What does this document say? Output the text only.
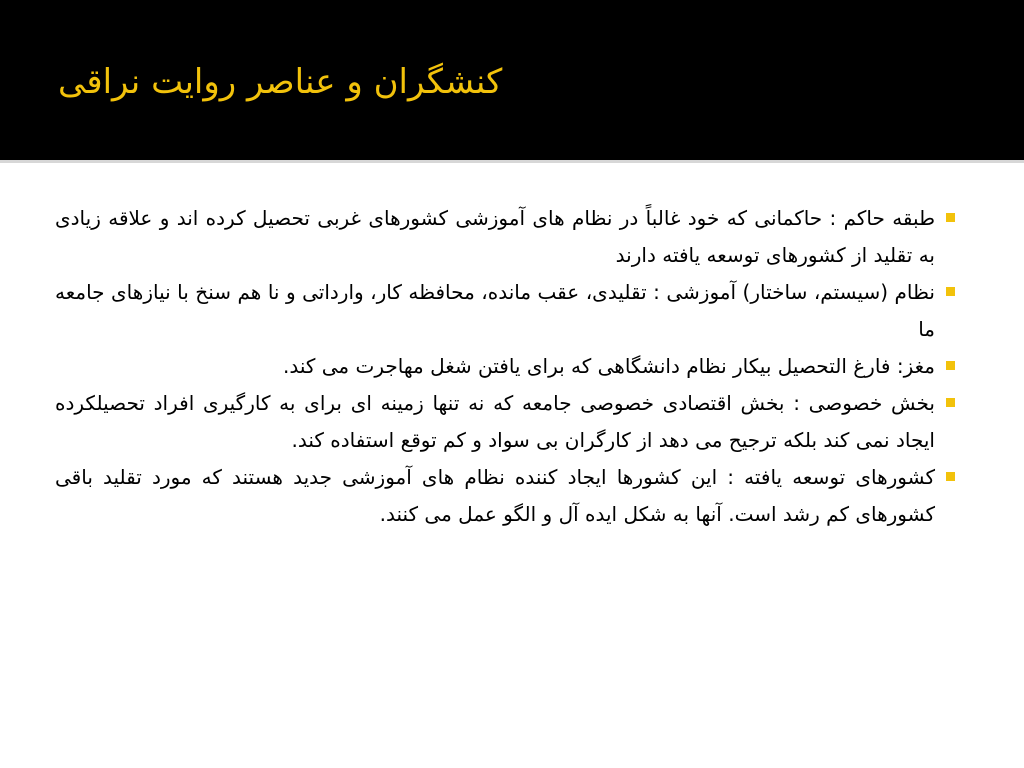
کنشگران و عناصر روایت نراقی
طبقه حاکم : حاکمانی که خود غالباً در نظام های آموزشی کشورهای غربی تحصیل کرده اند و علاقه زیادی به تقلید از کشورهای توسعه یافته دارند
نظام (سیستم، ساختار) آموزشی : تقلیدی، عقب مانده، محافظه کار، وارداتی و نا هم سنخ با نیازهای جامعه ما
مغز: فارغ التحصیل بیکار نظام دانشگاهی که برای یافتن شغل مهاجرت می کند.
بخش خصوصی : بخش اقتصادی خصوصی جامعه که نه تنها زمینه ای برای به کارگیری افراد تحصیلکرده ایجاد نمی کند بلکه ترجیح می دهد از کارگران بی سواد و کم توقع استفاده کند.
کشورهای توسعه یافته : این کشورها ایجاد کننده نظام های آموزشی جدید هستند که مورد تقلید باقی کشورهای کم رشد است. آنها به شکل ایده آل و الگو عمل می کنند.
